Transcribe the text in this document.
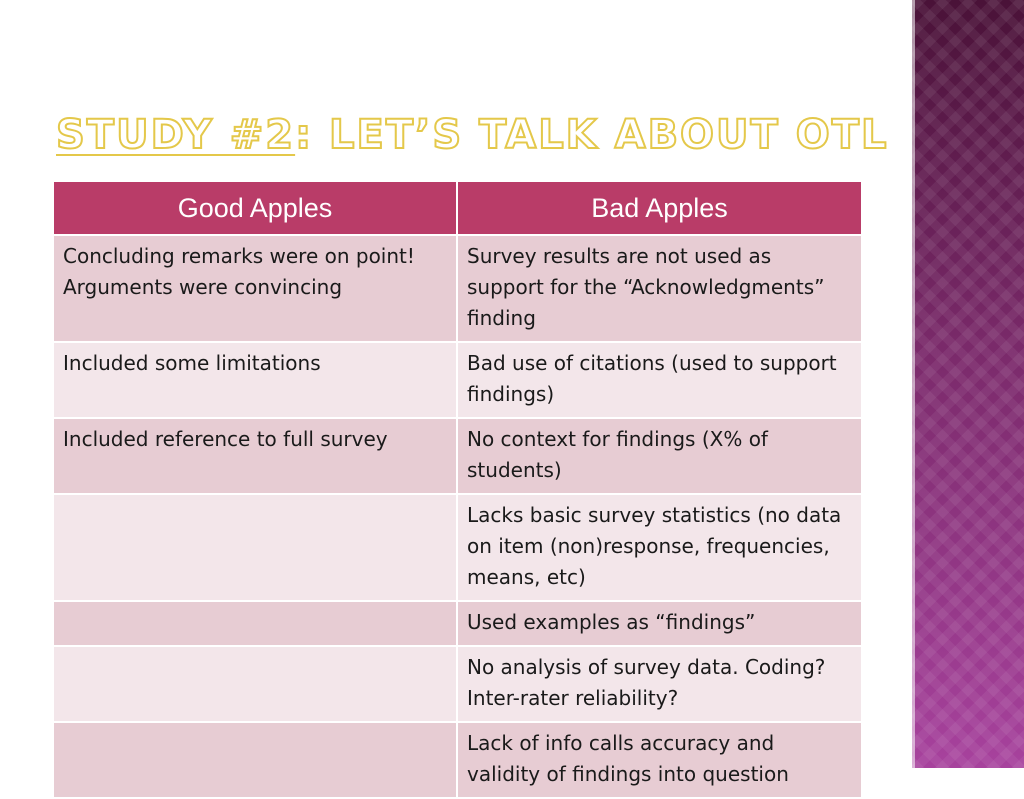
STUDY #2: LET’S TALK ABOUT OTL
Good Apples	Bad Apples
Concluding remarks were on point! Arguments were convincing	Survey results are not used as support for the “Acknowledgments” finding
Included some limitations	Bad use of citations (used to support findings)
Included reference to full survey	No context for findings (X% of students)
	Lacks basic survey statistics (no data on item (non)response, frequencies, means, etc)
	Used examples as “findings”
	No analysis of survey data. Coding? Inter-rater reliability?
	Lack of info calls accuracy and validity of findings into question
